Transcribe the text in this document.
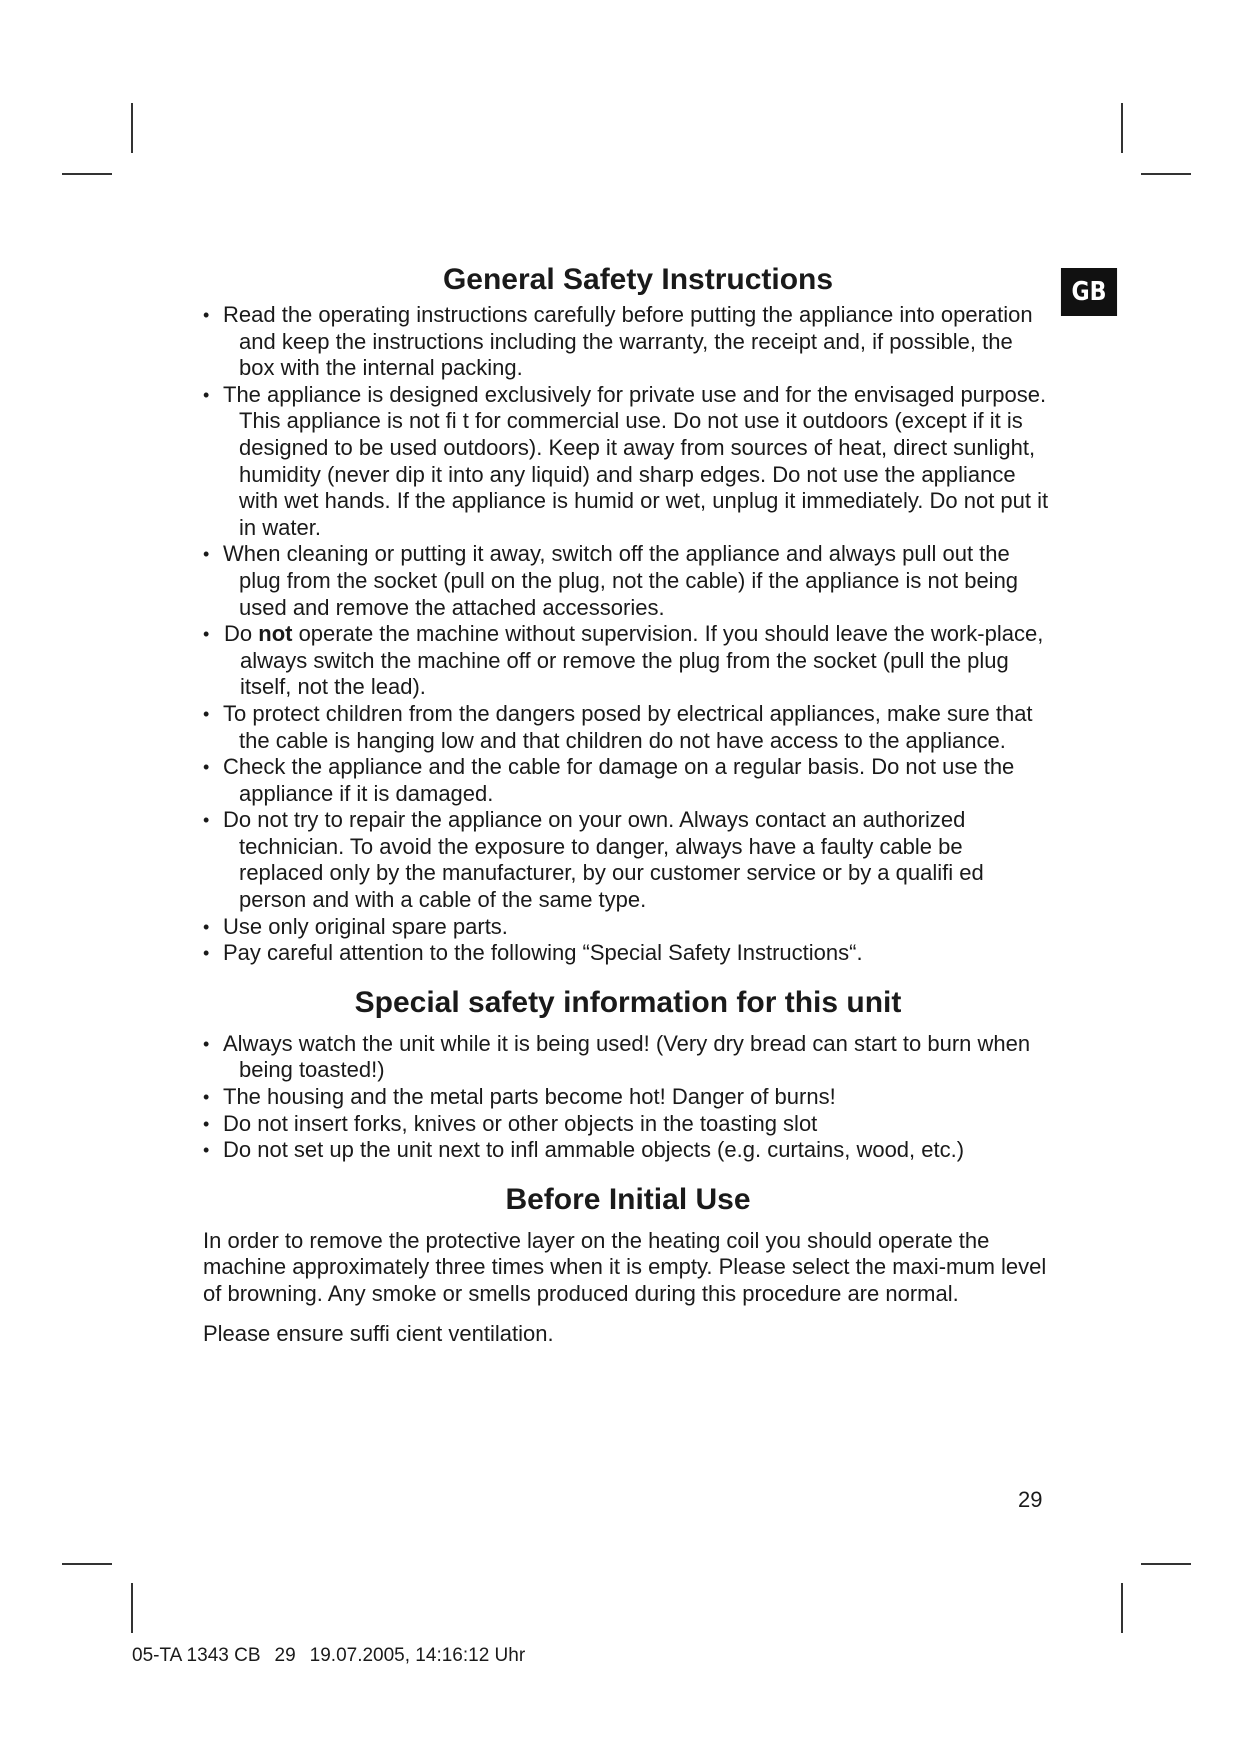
GB
General Safety Instructions
• Read the operating instructions carefully before putting the appliance into operation and keep the instructions including the warranty, the receipt and, if possible, the box with the internal packing.
• The appliance is designed exclusively for private use and for the envisaged purpose. This appliance is not fi t for commercial use. Do not use it outdoors (except if it is designed to be used outdoors). Keep it away from sources of heat, direct sunlight, humidity (never dip it into any liquid) and sharp edges. Do not use the appliance with wet hands. If the appliance is humid or wet, unplug it immediately. Do not put it in water.
• When cleaning or putting it away, switch off the appliance and always pull out the plug from the socket (pull on the plug, not the cable) if the appliance is not being used and remove the attached accessories.
• Do not operate the machine without supervision. If you should leave the work-place, always switch the machine off or remove the plug from the socket (pull the plug itself, not the lead).
• To protect children from the dangers posed by electrical appliances, make sure that the cable is hanging low and that children do not have access to the appliance.
• Check the appliance and the cable for damage on a regular basis. Do not use the appliance if it is damaged.
• Do not try to repair the appliance on your own. Always contact an authorized technician. To avoid the exposure to danger, always have a faulty cable be replaced only by the manufacturer, by our customer service or by a qualifi ed person and with a cable of the same type.
• Use only original spare parts.
• Pay careful attention to the following “Special Safety Instructions“.
Special safety information for this unit
• Always watch the unit while it is being used! (Very dry bread can start to burn when being toasted!)
• The housing and the metal parts become hot! Danger of burns!
• Do not insert forks, knives or other objects in the toasting slot
• Do not set up the unit next to infl ammable objects (e.g. curtains, wood, etc.)
Before Initial Use

In order to remove the protective layer on the heating coil you should operate the machine approximately three times when it is empty. Please select the maxi-mum level of browning. Any smoke or smells produced during this procedure are normal.

Please ensure suffi cient ventilation.

29
05-TA 1343 CB 29 19.07.2005, 14:16:12 Uhr
